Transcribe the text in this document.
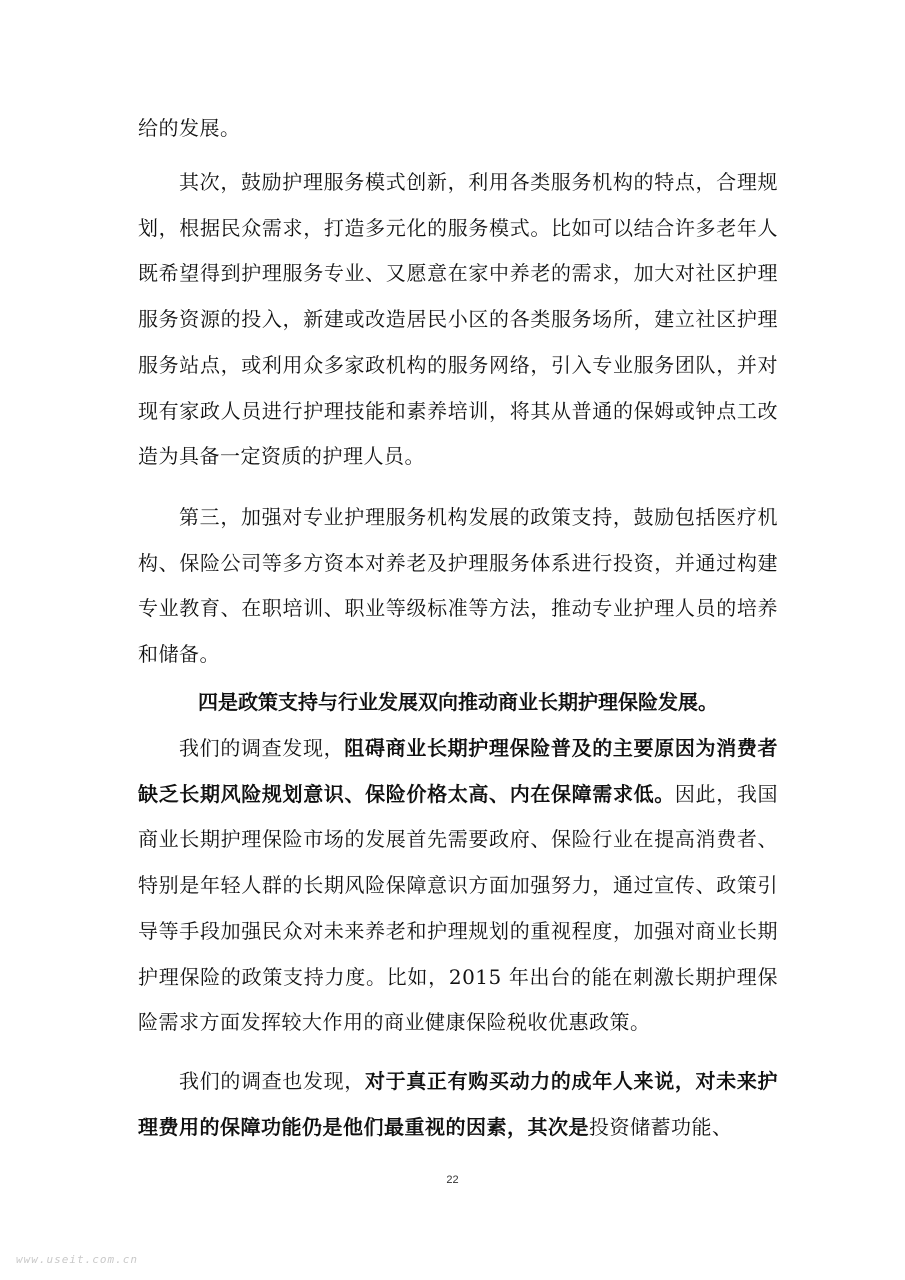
给的发展。

其次，鼓励护理服务模式创新，利用各类服务机构的特点，合理规划，根据民众需求，打造多元化的服务模式。比如可以结合许多老年人既希望得到护理服务专业、又愿意在家中养老的需求，加大对社区护理服务资源的投入，新建或改造居民小区的各类服务场所，建立社区护理服务站点，或利用众多家政机构的服务网络，引入专业服务团队，并对现有家政人员进行护理技能和素养培训，将其从普通的保姆或钟点工改造为具备一定资质的护理人员。

第三，加强对专业护理服务机构发展的政策支持，鼓励包括医疗机构、保险公司等多方资本对养老及护理服务体系进行投资，并通过构建专业教育、在职培训、职业等级标准等方法，推动专业护理人员的培养和储备。

四是政策支持与行业发展双向推动商业长期护理保险发展。

我们的调查发现，阻碍商业长期护理保险普及的主要原因为消费者缺乏长期风险规划意识、保险价格太高、内在保障需求低。因此，我国商业长期护理保险市场的发展首先需要政府、保险行业在提高消费者、特别是年轻人群的长期风险保障意识方面加强努力，通过宣传、政策引导等手段加强民众对未来养老和护理规划的重视程度，加强对商业长期护理保险的政策支持力度。比如，2015 年出台的能在刺激长期护理保险需求方面发挥较大作用的商业健康保险税收优惠政策。

我们的调查也发现，对于真正有购买动力的成年人来说，对未来护理费用的保障功能仍是他们最重视的因素，其次是投资储蓄功能、

22
www.useit.com.cn
